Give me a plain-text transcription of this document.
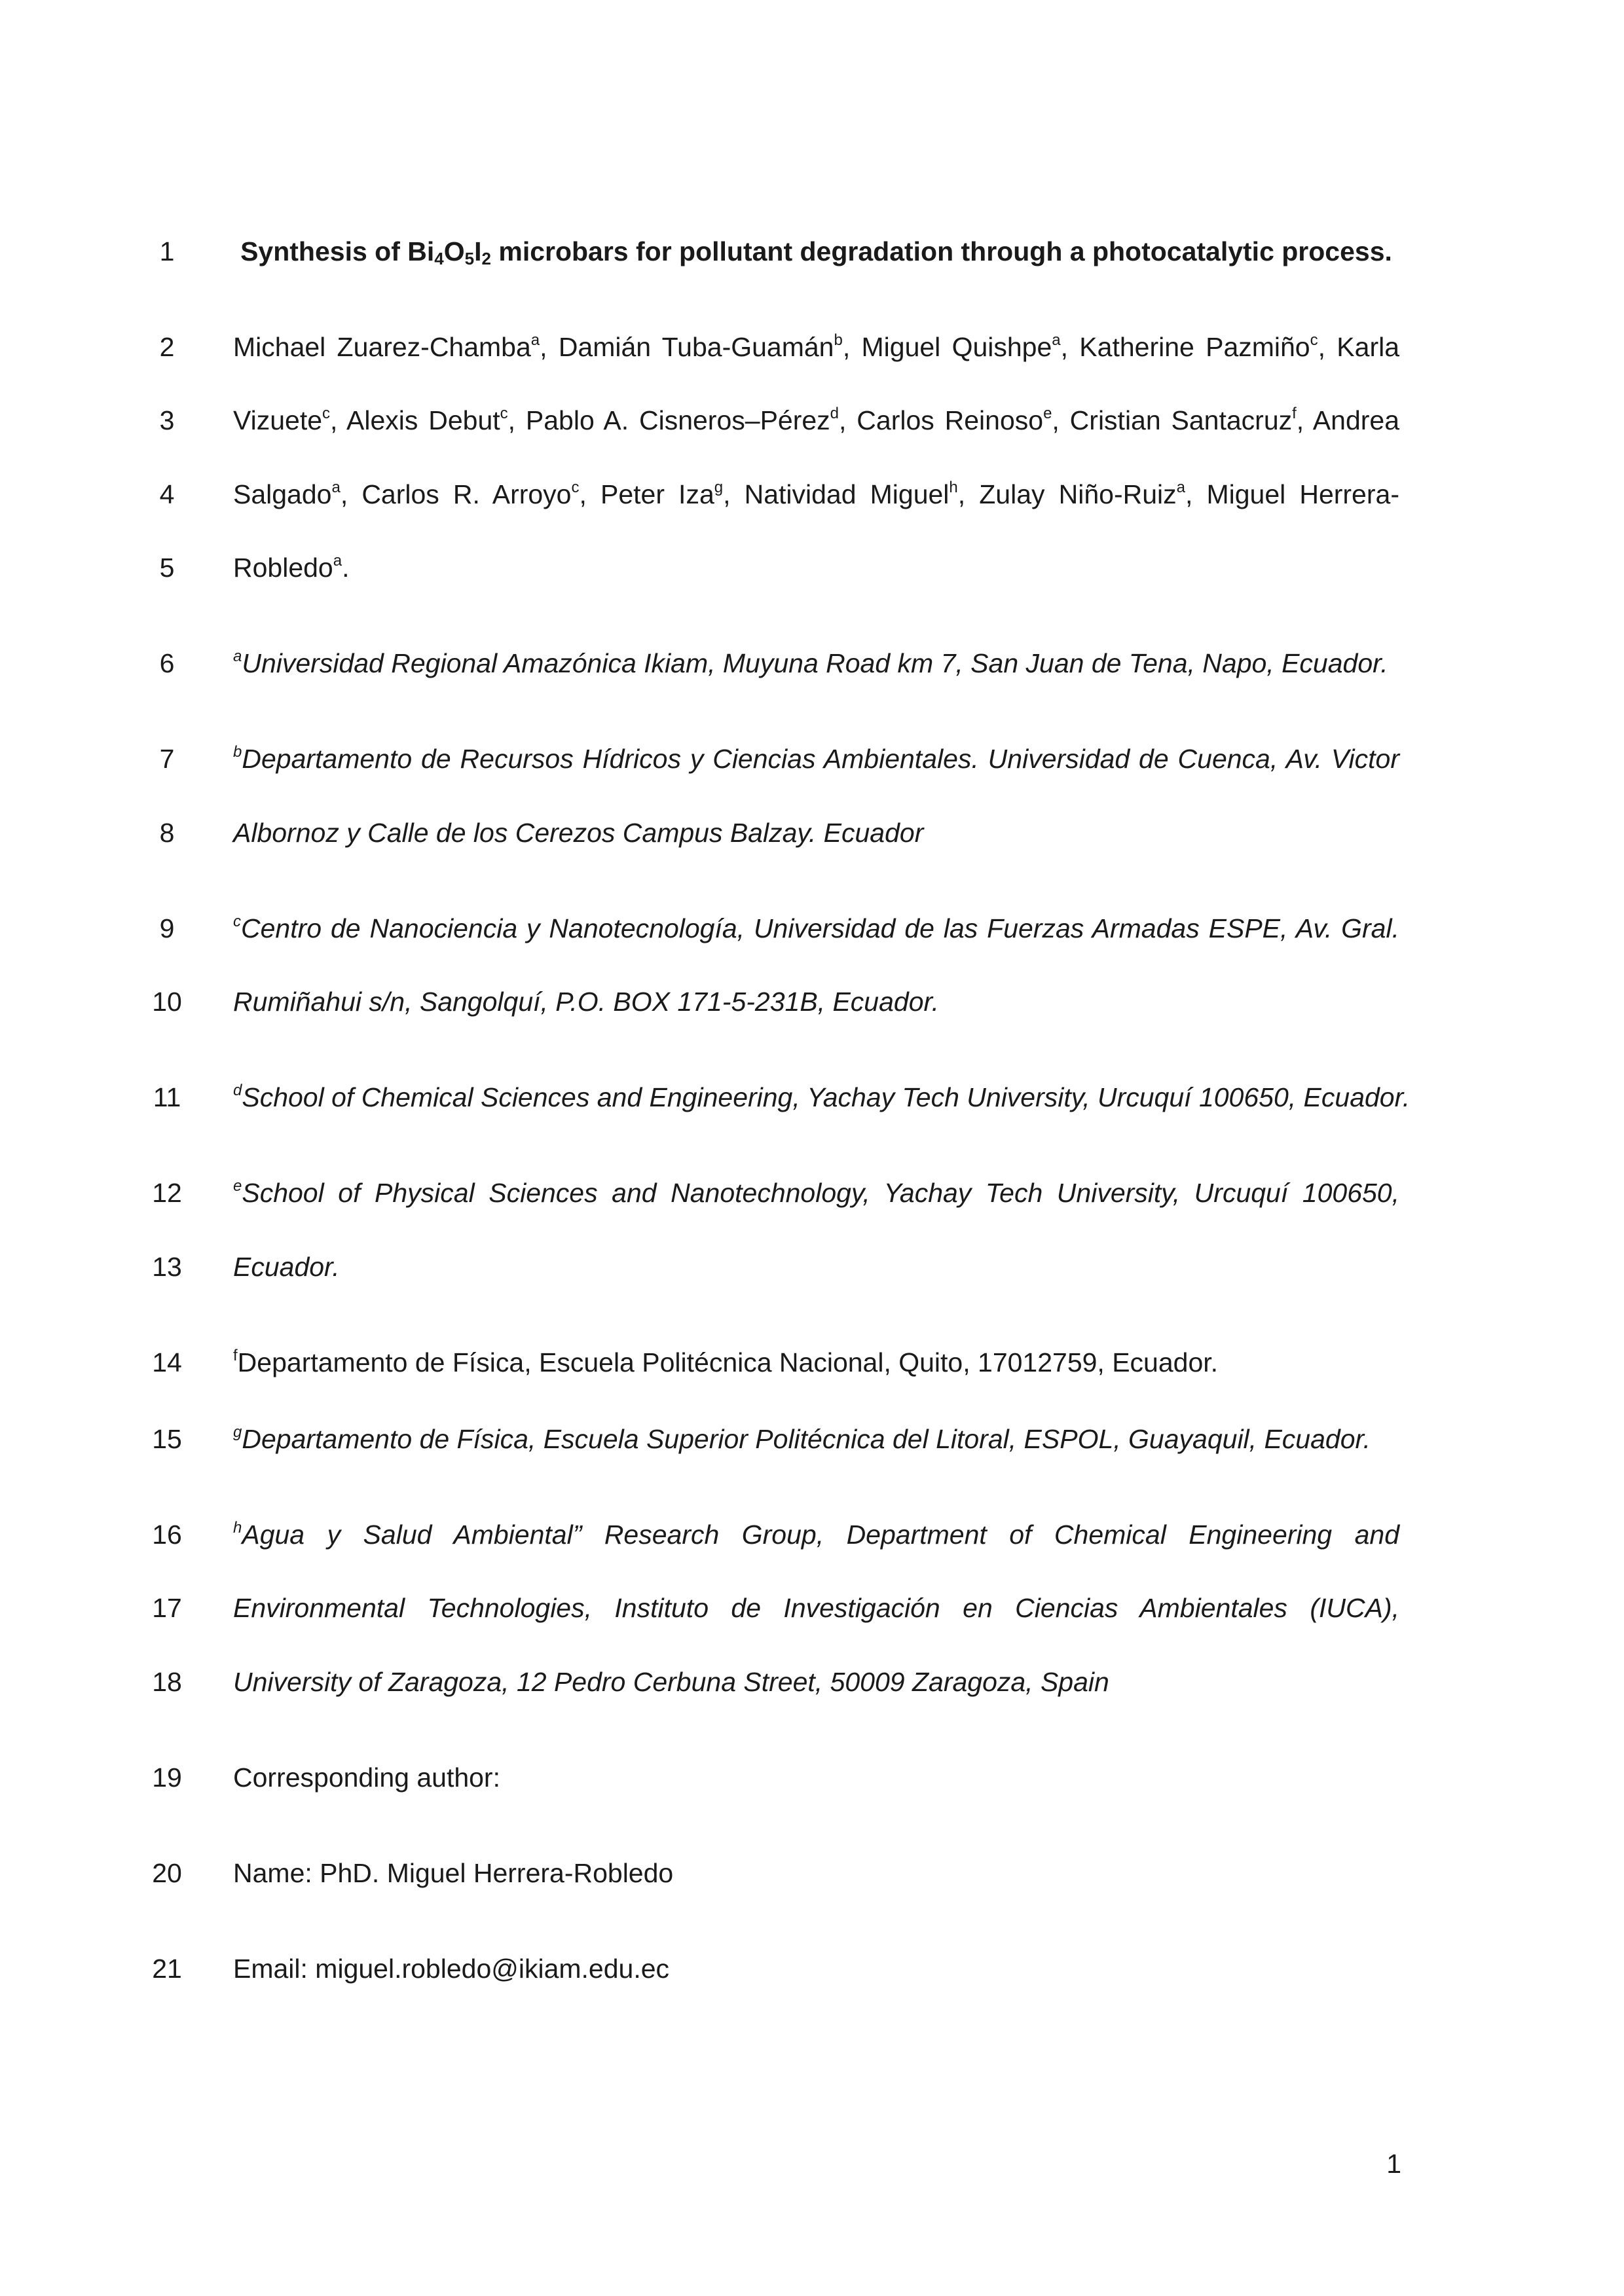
1
2
3
4
5
6
7
8
9
10
11
12
13
14
15
16
17
18
19
20
21
Synthesis of $Bi_4O_5I_2$ microbars for pollutant degradation through a photocatalytic process.
Michael Zuarez-Chamba$^a$, Damián Tuba-Guamán$^b$, Miguel Quishpe$^a$, Katherine Pazmiño$^c$, Karla
Vizuete$^c$, Alexis Debut$^c$, Pablo A. Cisneros–Pérez$^d$, Carlos Reinoso$^e$, Cristian Santacruz$^f$, Andrea
Salgado$^a$, Carlos R. Arroyo$^c$, Peter Iza$^g$, Natividad Miguel$^h$, Zulay Niño-Ruiz$^a$, Miguel Herrera-
Robledo$^a$.
$^a$Universidad Regional Amazónica Ikiam, Muyuna Road km 7, San Juan de Tena, Napo, Ecuador.
$^b$Departamento de Recursos Hídricos y Ciencias Ambientales. Universidad de Cuenca, Av. Victor
Albornoz y Calle de los Cerezos Campus Balzay. Ecuador
$^c$Centro de Nanociencia y Nanotecnología, Universidad de las Fuerzas Armadas ESPE, Av. Gral.
Rumiñahui s/n, Sangolquí, P.O. BOX 171-5-231B, Ecuador.
$^d$School of Chemical Sciences and Engineering, Yachay Tech University, Urcuquí 100650, Ecuador.
$^e$School of Physical Sciences and Nanotechnology, Yachay Tech University, Urcuquí 100650,
Ecuador.
$^f$Departamento de Física, Escuela Politécnica Nacional, Quito, 17012759, Ecuador.
$^g$Departamento de Física, Escuela Superior Politécnica del Litoral, ESPOL, Guayaquil, Ecuador.
$^h$Agua y Salud Ambiental” Research Group, Department of Chemical Engineering and
Environmental Technologies, Instituto de Investigación en Ciencias Ambientales (IUCA),
University of Zaragoza, 12 Pedro Cerbuna Street, 50009 Zaragoza, Spain
Corresponding author:
Name: PhD. Miguel Herrera-Robledo
Email: miguel.robledo@ikiam.edu.ec
1
